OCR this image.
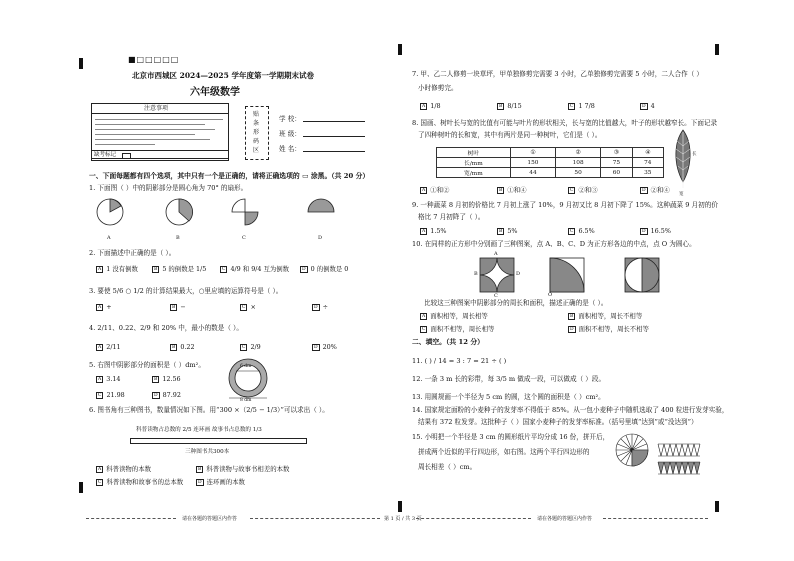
■□□□□□
北京市西城区 2024—2025 学年度第一学期期末试卷
六年级数学
注意事项
缺考标记
贴条形码区
学 校：
班 级：
姓 名：
一、下面每题都有四个选项，其中只有一个是正确的，请将正确选项的 ▭ 涂黑。（共 20 分）
1. 下面图（ ）中的阴影部分是圆心角为 70° 的扇形。
A	B	C	D
2. 下面描述中正确的是（ ）。
A 1 没有倒数	B 5 的倒数是 1/5	C 4/9 和 9/4 互为倒数	D 0 的倒数是 0
3. 要使 5/6 ○ 1/2 的计算结果最大，○里应填的运算符号是（ ）。
A +	B −	C ×	D ÷
4. 2/11、0.22、2/9 和 20% 中，最小的数是（ ）。
A 2/11	B 0.22	C 2/9	D 20%
5. 右图中阴影部分的面积是（ ）dm²。
A 3.14	B 12.56
C 21.98	D 87.92
6 dm
8 dm
6. 图书角有三种图书，数量情况如下图。用“300 ×（2/5 − 1/3）”可以求出（ ）。
科普读物占总数的 2/5 连环画 故事书占总数的 1/3
三种图书共300本
A 科普读物的本数	B 科普读物与故事书相差的本数
C 科普读物和故事书的总本数	D 连环画的本数
7. 甲、乙二人修剪一块草坪，甲单独修剪完需要 3 小时，乙单独修剪完需要 5 小时，二人合作（ ）
小时修剪完。
A 1/8	B 8/15	C 1 7/8	D 4
8. 国画、树叶长与宽的比值有可能与叶片的形状相关，长与宽的比值越大，叶子的形状越窄长。下面记录
了四种树叶的长和宽，其中有两片是同一种树叶，它们是（ ）。
树叶	①	②	③	④
长/mm	150	108	75	74
宽/mm	44	50	60	35
长
宽
A ①和②	B ①和④	C ②和③	D ②和④
9. 一种蔬菜 8 月初的价格比 7 月初上涨了 10%，9 月初又比 8 月初下降了 15%。这种蔬菜 9 月初的价
格比 7 月初降了（ ）。
A 1.5%	B 5%	C 6.5%	D 16.5%
10. 在同样的正方形中分别画了三种图案，点 A、B、C、D 为正方形各边的中点，点 O 为圆心。
A
B	D
C	O
比较这三种图案中阴影部分的周长和面积，描述正确的是（ ）。
A 面积相等，周长相等	B 面积相等，周长不相等
C 面积不相等，周长相等	D 面积不相等，周长不相等
二、填空。（共 12 分）
11. ( ) / 14 = 3 : 7 = 21 ÷ ( )
12. 一条 3 m 长的彩带，每 3/5 m 做成一段，可以做成（ ）段。
13. 用圆规画一个半径为 5 cm 的圆，这个圆的面积是（ ）cm²。
14. 国家规定面粉的小麦种子的发芽率不得低于 85%。从一包小麦种子中随机选取了 400 粒进行发芽实验，
结果有 372 粒发芽。这批种子（ ）国家小麦种子的发芽率标准。（括号里填“达到”或“没达到”）
15. 小明把一个半径是 3 cm 的圆形纸片平均分成 16 份，拼开后，
拼成两个近似的平行四边形，如右图。这两个平行四边形的
周长相差（ ）cm。
请在各题的答题区内作答	第 1 页 / 共 3 页	请在各题的答题区内作答
